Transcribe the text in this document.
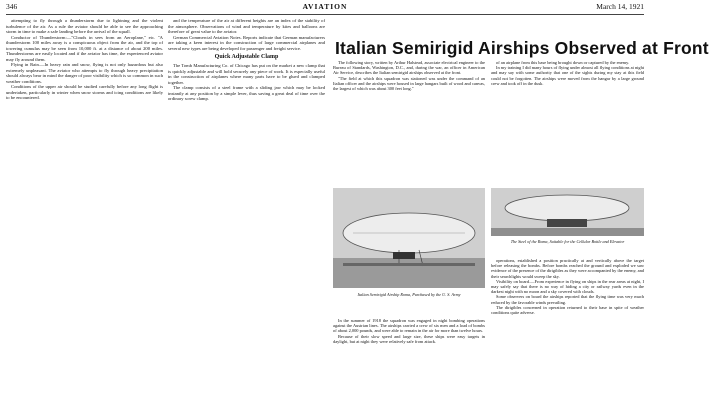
346	AVIATION	March 14, 1921

attempting to fly through a thunderstorm due to lightning and the violent turbulence of the air. As a rule the aviator should be able to see the approaching storm in time to make a safe landing before the arrival of the squall.

Conductor of Thunderstorm:—"Clouds in sees from an Aeroplane," etc. "A thunderstorm 100 miles away is a conspicuous object from the air, and the top of towering cumulus may be seen from 10,000 ft. at a distance of about 200 miles. Thunderstorms are easily located and if the aviator has time, the experienced aviator may fly around them.

Flying in Rain.—In heavy rain and snow, flying is not only hazardous but also extremely unpleasant. The aviator who attempts to fly through heavy precipitation should always bear in mind the danger of poor visibility which is so common in such weather conditions.

Conditions of the upper air should be studied carefully before any long flight is undertaken, particularly in winter when snow storms and icing conditions are likely to be encountered.

and the temperature of the air at different heights are an index of the stability of the atmosphere. Observations of wind and temperature by kites and balloons are therefore of great value to the aviator.

German Commercial Aviation Notes. Reports indicate that German manufacturers are taking a keen interest in the construction of large commercial airplanes and several new types are being developed for passenger and freight service.

Quick Adjustable Clamp

The Tomb Manufacturing Co. of Chicago has put on the market a new clamp that is quickly adjustable and will hold securely any piece of work. It is especially useful in the construction of airplanes where many parts have to be glued and clamped together.

The clamp consists of a steel frame with a sliding jaw which may be locked instantly at any position by a simple lever, thus saving a great deal of time over the ordinary screw clamp.

Italian Semirigid Airships Observed at Front

The following story, written by Arthur Halstead, associate electrical engineer to the Bureau of Standards, Washington, D.C., and, during the war, an officer in American Air Service, describes the Italian semirigid airships observed at the front.

"The field at which this squadron was stationed was under the command of an Italian officer and the airships were housed in large hangars built of wood and canvas, the largest of which was about 300 feet long."

of an airplane from this base being brought down or captured by the enemy.

In my training I did many hours of flying under almost all flying conditions at night and may say with some authority that one of the sights during my stay at this field could not be forgotten. The airships were moved from the hangar by a large ground crew and took off in the dusk.

Italian Semirigid Airship Roma, Purchased by the U. S. Army
The Steel of the Roma, Suitable for the Cellular Bottle and Elevator

In the summer of 1918 the squadron was engaged in night bombing operations against the Austrian lines. The airships carried a crew of six men and a load of bombs of about 2,000 pounds, and were able to remain in the air for more than twelve hours.

Because of their slow speed and large size, these ships were easy targets in daylight, but at night they were relatively safe from attack.

operations, established a position practically at and vertically above the target before releasing the bombs. Before bombs reached the ground and exploded we saw evidence of the presence of the dirigibles as they were accompanied by the enemy, and their searchlights would sweep the sky.

Visibility on board.—From experience in flying on ships in the rear areas at night, I may safely say that there is no way of hiding a city or railway yards even in the darkest night with no moon and a sky covered with clouds.

Some observers on board the airships reported that the flying time was very much reduced by the favorable winds prevailing.

The dirigibles concerned in operation returned to their base in spite of weather conditions quite adverse.
